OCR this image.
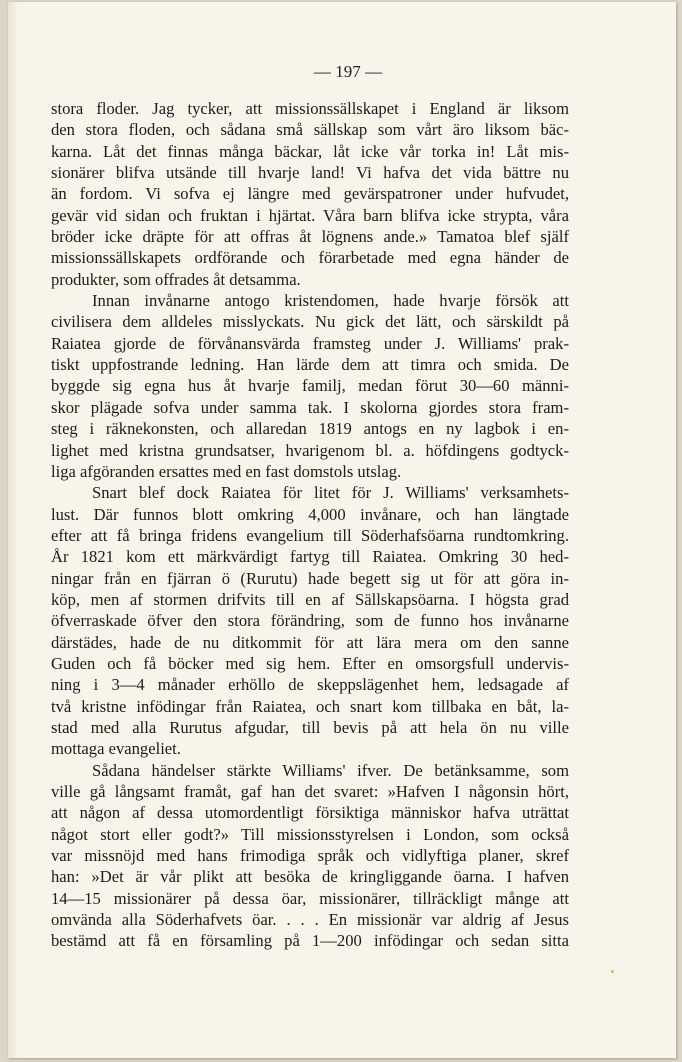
— 197 —
stora floder. Jag tycker, att missionssällskapet i England är liksom
den stora floden, och sådana små sällskap som vårt äro liksom bäc-
karna. Låt det finnas många bäckar, låt icke vår torka in! Låt mis-
sionärer blifva utsände till hvarje land! Vi hafva det vida bättre nu
än fordom. Vi sofva ej längre med gevärspatroner under hufvudet,
gevär vid sidan och fruktan i hjärtat. Våra barn blifva icke strypta, våra
bröder icke dräpte för att offras åt lögnens ande.» Tamatoa blef själf
missionssällskapets ordförande och förarbetade med egna händer de
produkter, som offrades åt detsamma.
Innan invånarne antogo kristendomen, hade hvarje försök att
civilisera dem alldeles misslyckats. Nu gick det lätt, och särskildt på
Raiatea gjorde de förvånansvärda framsteg under J. Williams' prak-
tiskt uppfostrande ledning. Han lärde dem att timra och smida. De
byggde sig egna hus åt hvarje familj, medan förut 30—60 männi-
skor plägade sofva under samma tak. I skolorna gjordes stora fram-
steg i räknekonsten, och allaredan 1819 antogs en ny lagbok i en-
lighet med kristna grundsatser, hvarigenom bl. a. höfdingens godtyck-
liga afgöranden ersattes med en fast domstols utslag.
Snart blef dock Raiatea för litet för J. Williams' verksamhets-
lust. Där funnos blott omkring 4,000 invånare, och han längtade
efter att få bringa fridens evangelium till Söderhafsöarna rundtomkring.
År 1821 kom ett märkvärdigt fartyg till Raiatea. Omkring 30 hed-
ningar från en fjärran ö (Rurutu) hade begett sig ut för att göra in-
köp, men af stormen drifvits till en af Sällskapsöarna. I högsta grad
öfverraskade öfver den stora förändring, som de funno hos invånarne
därstädes, hade de nu ditkommit för att lära mera om den sanne
Guden och få böcker med sig hem. Efter en omsorgsfull undervis-
ning i 3—4 månader erhöllo de skeppslägenhet hem, ledsagade af
två kristne infödingar från Raiatea, och snart kom tillbaka en båt, la-
stad med alla Rurutus afgudar, till bevis på att hela ön nu ville
mottaga evangeliet.
Sådana händelser stärkte Williams' ifver. De betänksamme, som
ville gå långsamt framåt, gaf han det svaret: »Hafven I någonsin hört,
att någon af dessa utomordentligt försiktiga människor hafva uträttat
något stort eller godt?» Till missionsstyrelsen i London, som också
var missnöjd med hans frimodiga språk och vidlyftiga planer, skref
han: »Det är vår plikt att besöka de kringliggande öarna. I hafven
14—15 missionärer på dessa öar, missionärer, tillräckligt månge att
omvända alla Söderhafvets öar. . . . En missionär var aldrig af Jesus
bestämd att få en församling på 1—200 infödingar och sedan sitta
